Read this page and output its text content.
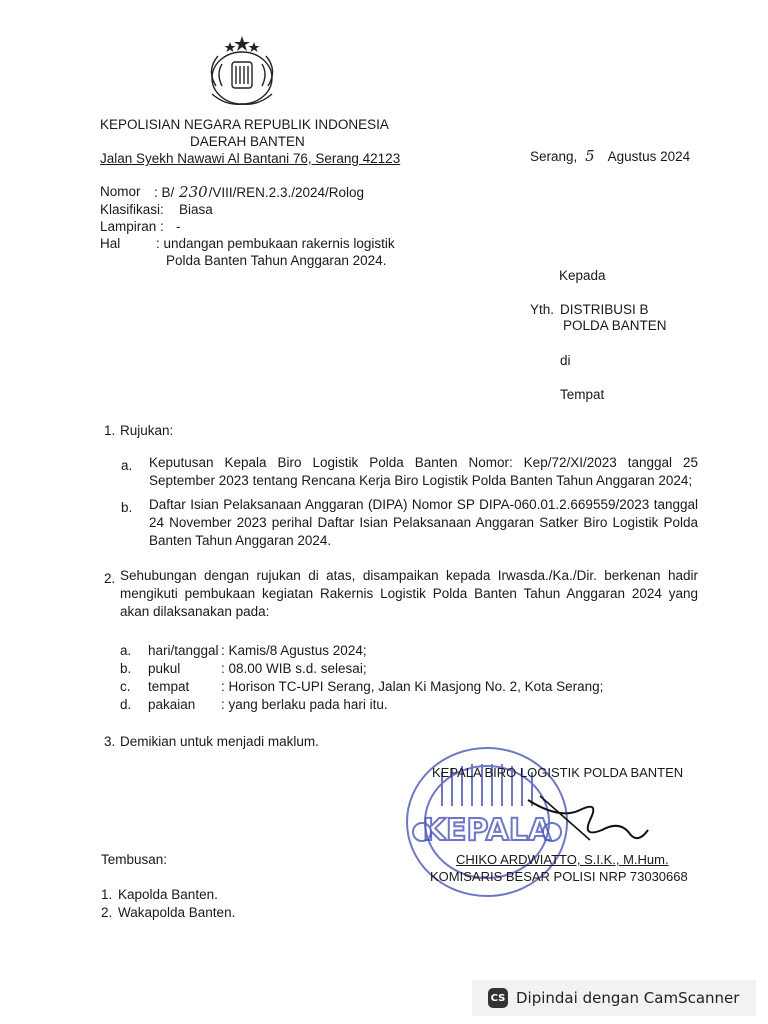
KEPOLISIAN NEGARA REPUBLIK INDONESIA
DAERAH BANTEN
Jalan Syekh Nawawi Al Bantani 76, Serang 42123	Serang, 5 Agustus 2024
Nomor : B/ 230/VIII/REN.2.3./2024/Rolog
Klasifikasi: Biasa
Lampiran : -
Hal	: undangan pembukaan rakernis logistik
Polda Banten Tahun Anggaran 2024.
Kepada
Yth. DISTRIBUSI B
POLDA BANTEN
di
Tempat
1. Rujukan:
a. Keputusan Kepala Biro Logistik Polda Banten Nomor: Kep/72/XI/2023 tanggal 25 September 2023 tentang Rencana Kerja Biro Logistik Polda Banten Tahun Anggaran 2024;
b. Daftar Isian Pelaksanaan Anggaran (DIPA) Nomor SP DIPA-060.01.2.669559/2023 tanggal 24 November 2023 perihal Daftar Isian Pelaksanaan Anggaran Satker Biro Logistik Polda Banten Tahun Anggaran 2024.
2. Sehubungan dengan rujukan di atas, disampaikan kepada Irwasda./Ka./Dir. berkenan hadir mengikuti pembukaan kegiatan Rakernis Logistik Polda Banten Tahun Anggaran 2024 yang akan dilaksanakan pada:
a. hari/tanggal : Kamis/8 Agustus 2024;
b. pukul	: 08.00 WIB s.d. selesai;
c. tempat : Horison TC-UPI Serang, Jalan Ki Masjong No. 2, Kota Serang;
d. pakaian : yang berlaku pada hari itu.
3. Demikian untuk menjadi maklum.
KEPALA
KEPALA BIRO LOGISTIK POLDA BANTEN
CHIKO ARDWIATTO, S.I.K., M.Hum.
KOMISARIS BESAR POLISI NRP 73030668
Tembusan:
1. Kapolda Banten.
2. Wakapolda Banten.
CS Dipindai dengan CamScanner
